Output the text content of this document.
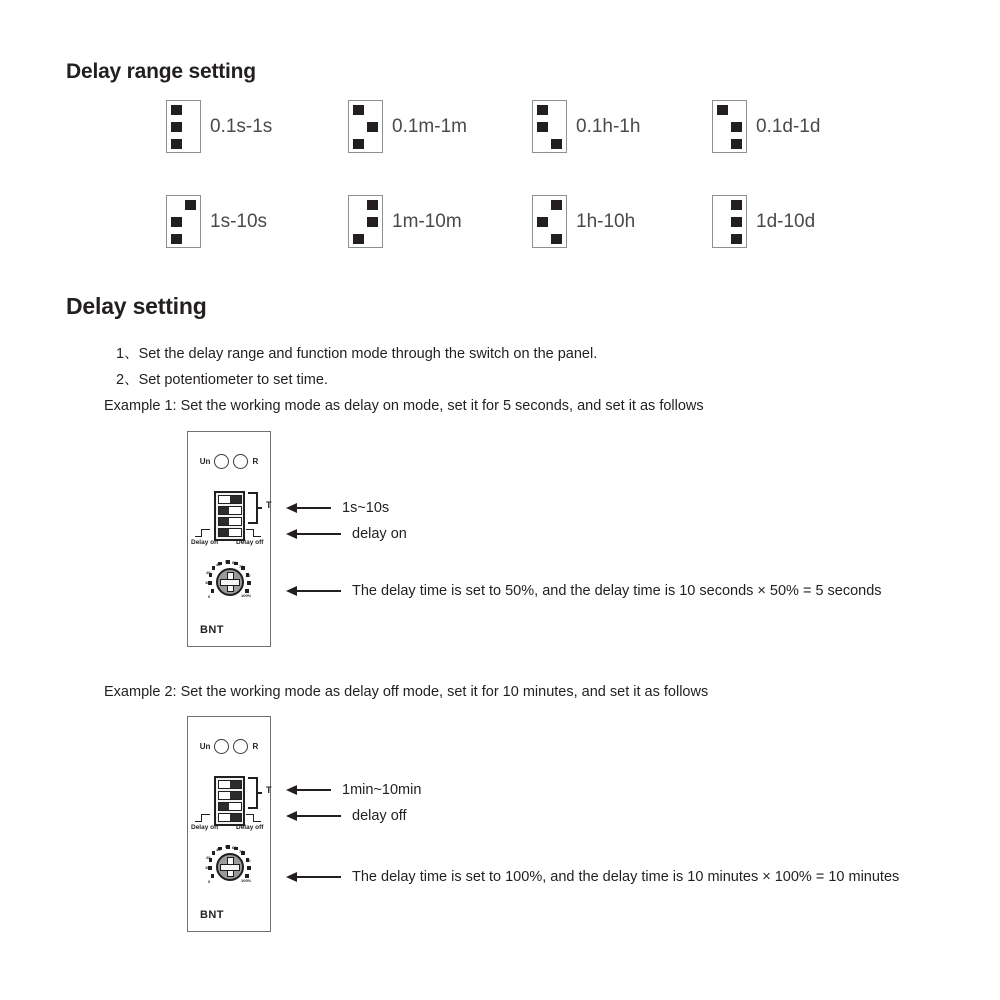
Delay range setting
0.1s-1s	0.1m-1m	0.1h-1h	0.1d-1d
1s-10s	1m-10m	1h-10h	1d-10d
Delay setting
1、Set the delay range and function mode through the switch on the panel.
2、Set potentiometer to set time.
Example 1: Set the working mode as delay on mode, set it for 5 seconds, and set it as follows
Un	R
T
Delay on	Delay off
0
10
20
40
50 60
70
80
100%
BNT
1s~10s
delay on
The delay time is set to 50%, and the delay time is 10 seconds × 50% = 5 seconds
Example 2: Set the working mode as delay off mode, set it for 10 minutes, and set it as follows
Un	R
T
Delay on	Delay off
0
10
20
40
50 60
70
80
100%
BNT
1min~10min
delay off
The delay time is set to 100%, and the delay time is 10 minutes × 100% = 10 minutes
